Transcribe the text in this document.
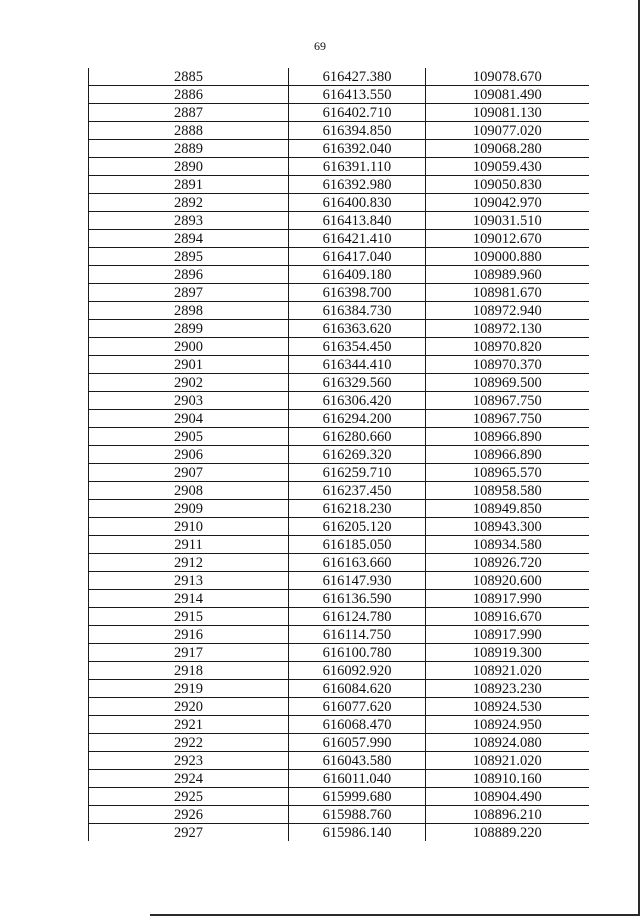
69
2885	616427.380	109078.670
2886	616413.550	109081.490
2887	616402.710	109081.130
2888	616394.850	109077.020
2889	616392.040	109068.280
2890	616391.110	109059.430
2891	616392.980	109050.830
2892	616400.830	109042.970
2893	616413.840	109031.510
2894	616421.410	109012.670
2895	616417.040	109000.880
2896	616409.180	108989.960
2897	616398.700	108981.670
2898	616384.730	108972.940
2899	616363.620	108972.130
2900	616354.450	108970.820
2901	616344.410	108970.370
2902	616329.560	108969.500
2903	616306.420	108967.750
2904	616294.200	108967.750
2905	616280.660	108966.890
2906	616269.320	108966.890
2907	616259.710	108965.570
2908	616237.450	108958.580
2909	616218.230	108949.850
2910	616205.120	108943.300
2911	616185.050	108934.580
2912	616163.660	108926.720
2913	616147.930	108920.600
2914	616136.590	108917.990
2915	616124.780	108916.670
2916	616114.750	108917.990
2917	616100.780	108919.300
2918	616092.920	108921.020
2919	616084.620	108923.230
2920	616077.620	108924.530
2921	616068.470	108924.950
2922	616057.990	108924.080
2923	616043.580	108921.020
2924	616011.040	108910.160
2925	615999.680	108904.490
2926	615988.760	108896.210
2927	615986.140	108889.220
